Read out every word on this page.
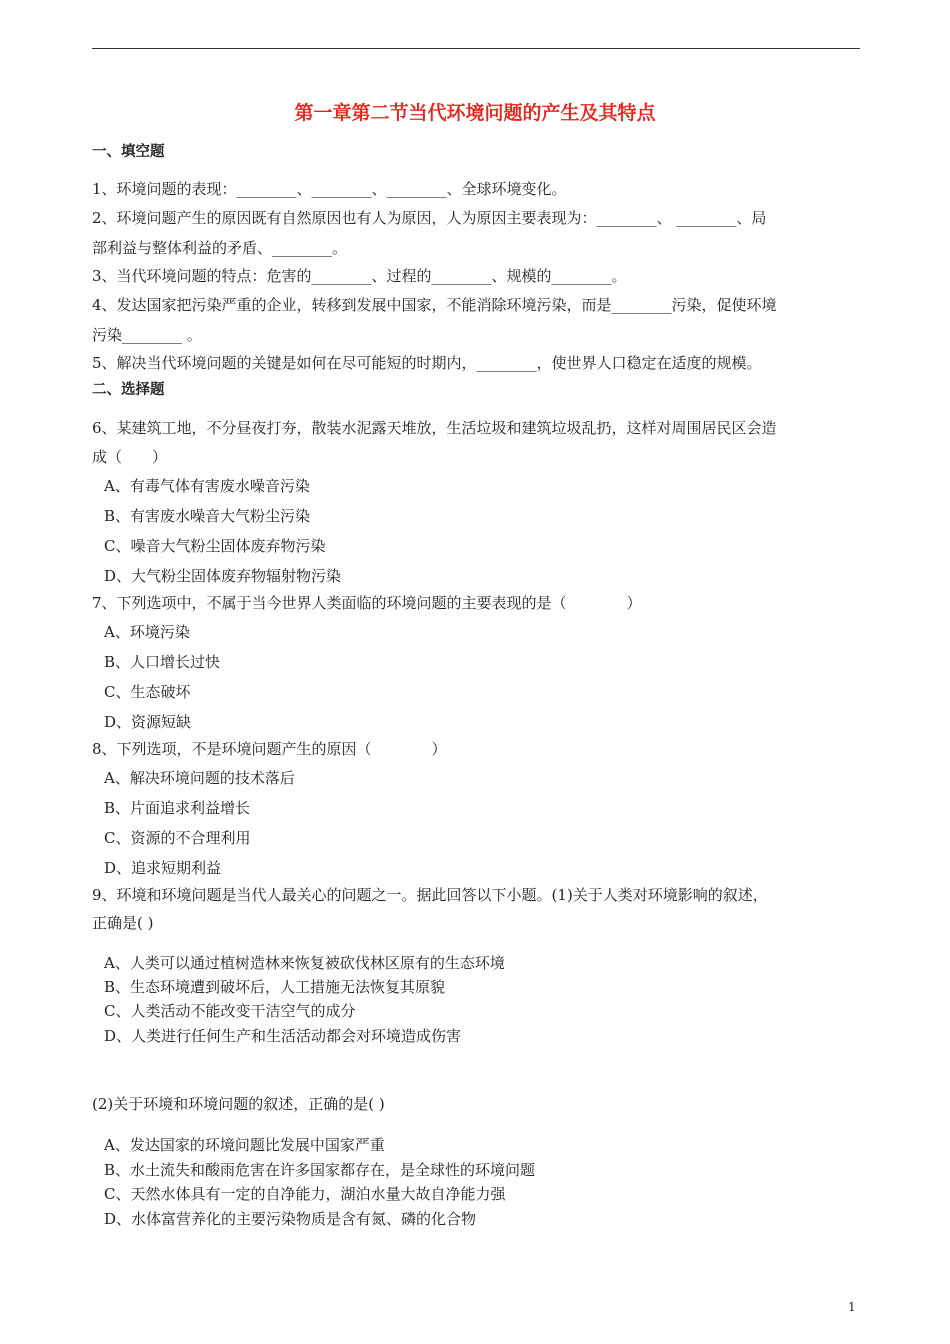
第一章第二节当代环境问题的产生及其特点
一、填空题
1、环境问题的表现：________、________、________、全球环境变化。
2、环境问题产生的原因既有自然原因也有人为原因，人为原因主要表现为：________、 ________、局
部利益与整体利益的矛盾、________。
3、当代环境问题的特点：危害的________、过程的________、规模的________。
4、发达国家把污染严重的企业，转移到发展中国家，不能消除环境污染，而是________污染，促使环境
污染________ 。
5、解决当代环境问题的关键是如何在尽可能短的时期内，________，使世界人口稳定在适度的规模。
二、选择题
6、某建筑工地，不分昼夜打夯，散装水泥露天堆放，生活垃圾和建筑垃圾乱扔，这样对周围居民区会造
成（　　）
A、有毒气体有害废水噪音污染
B、有害废水噪音大气粉尘污染
C、噪音大气粉尘固体废弃物污染
D、大气粉尘固体废弃物辐射物污染
7、下列选项中，不属于当今世界人类面临的环境问题的主要表现的是（　　　　）
A、环境污染
B、人口增长过快
C、生态破坏
D、资源短缺
8、下列选项，不是环境问题产生的原因（　　　　）
A、解决环境问题的技术落后
B、片面追求利益增长
C、资源的不合理利用
D、追求短期利益
9、环境和环境问题是当代人最关心的问题之一。据此回答以下小题。(1)关于人类对环境影响的叙述，
正确是( )
A、人类可以通过植树造林来恢复被砍伐林区原有的生态环境
B、生态环境遭到破坏后，人工措施无法恢复其原貌
C、人类活动不能改变干洁空气的成分
D、人类进行任何生产和生活活动都会对环境造成伤害
(2)关于环境和环境问题的叙述，正确的是( )
A、发达国家的环境问题比发展中国家严重
B、水土流失和酸雨危害在许多国家都存在，是全球性的环境问题
C、天然水体具有一定的自净能力，湖泊水量大故自净能力强
D、水体富营养化的主要污染物质是含有氮、磷的化合物
1
